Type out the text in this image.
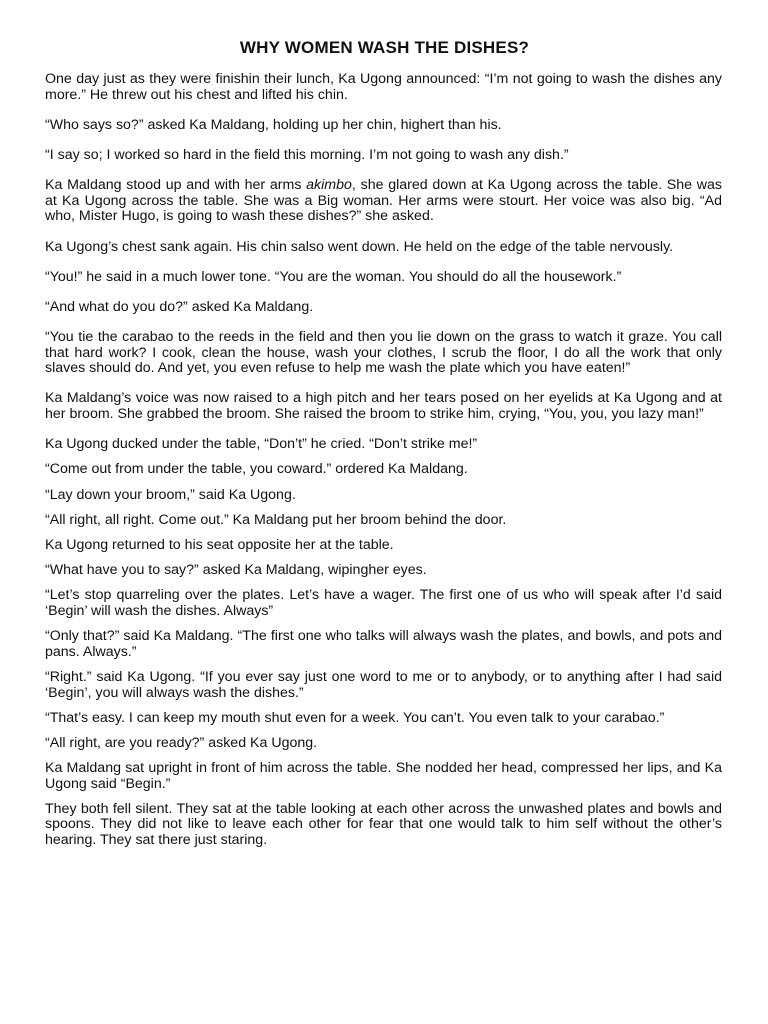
WHY WOMEN WASH THE DISHES?

One day just as they were finishin their lunch, Ka Ugong announced: “I’m not going to wash the dishes any more.” He threw out his chest and lifted his chin.

“Who says so?” asked Ka Maldang, holding up her chin, highert than his.

“I say so; I worked so hard in the field this morning. I’m not going to wash any dish.”

Ka Maldang stood up and with her arms akimbo, she glared down at Ka Ugong across the table. She was at Ka Ugong across the table. She was a Big woman. Her arms were stourt. Her voice was also big. “Ad who, Mister Hugo, is going to wash these dishes?” she asked.

Ka Ugong’s chest sank again. His chin salso went down. He held on the edge of the table nervously.

“You!” he said in a much lower tone. “You are the woman. You should do all the housework.”

“And what do you do?” asked Ka Maldang.

“You tie the carabao to the reeds in the field and then you lie down on the grass to watch it graze. You call that hard work? I cook, clean the house, wash your clothes, I scrub the floor, I do all the work that only slaves should do. And yet, you even refuse to help me wash the plate which you have eaten!”

Ka Maldang’s voice was now raised to a high pitch and her tears posed on her eyelids at Ka Ugong and at her broom. She grabbed the broom. She raised the broom to strike him, crying, “You, you, you lazy man!”

Ka Ugong ducked under the table, “Don’t” he cried. “Don’t strike me!”

“Come out from under the table, you coward.” ordered Ka Maldang.

“Lay down your broom,” said Ka Ugong.

“All right, all right. Come out.” Ka Maldang put her broom behind the door.

Ka Ugong returned to his seat opposite her at the table.

“What have you to say?” asked Ka Maldang, wipingher eyes.

“Let’s stop quarreling over the plates. Let’s have a wager. The first one of us who will speak after I’d said ‘Begin’ will wash the dishes. Always”

“Only that?” said Ka Maldang. “The first one who talks will always wash the plates, and bowls, and pots and pans. Always.”

“Right.” said Ka Ugong. “If you ever say just one word to me or to anybody, or to anything after I had said ‘Begin’, you will always wash the dishes.”

“That’s easy. I can keep my mouth shut even for a week. You can’t. You even talk to your carabao.”

“All right, are you ready?” asked Ka Ugong.

Ka Maldang sat upright in front of him across the table. She nodded her head, compressed her lips, and Ka Ugong said “Begin.”

They both fell silent. They sat at the table looking at each other across the unwashed plates and bowls and spoons. They did not like to leave each other for fear that one would talk to him self without the other’s hearing. They sat there just staring.
